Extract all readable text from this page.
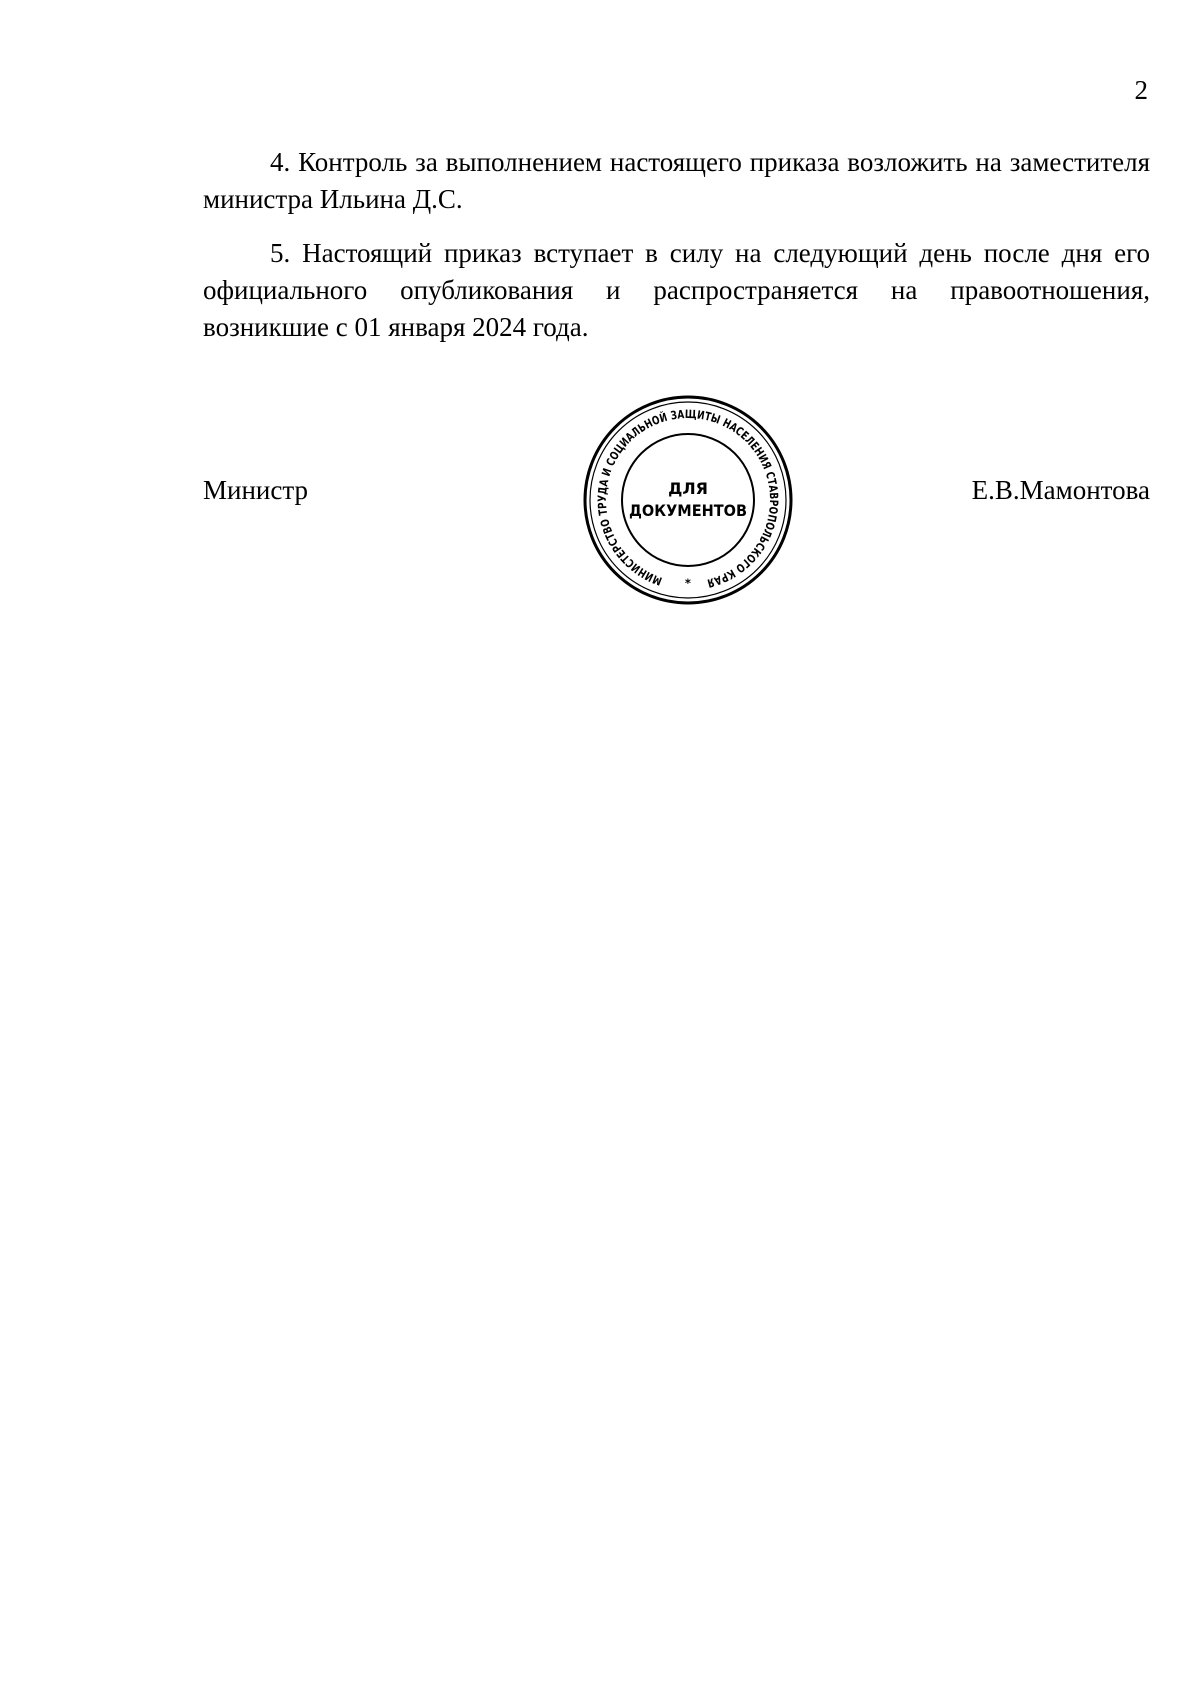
2

4. Контроль за выполнением настоящего приказа возложить на заместителя министра Ильина Д.С.

5. Настоящий приказ вступает в силу на следующий день после дня его официального опубликования и распространяется на правоотношения, возникшие с 01 января 2024 года.

Министр	Е.В.Мамонтова
МИНИСТЕРСТВО ТРУДА И СОЦИАЛЬНОЙ ЗАЩИТЫ НАСЕЛЕНИЯ СТАВРОПОЛЬСКОГО КРАЯ
*
ДЛЯ
ДОКУМЕНТОВ
